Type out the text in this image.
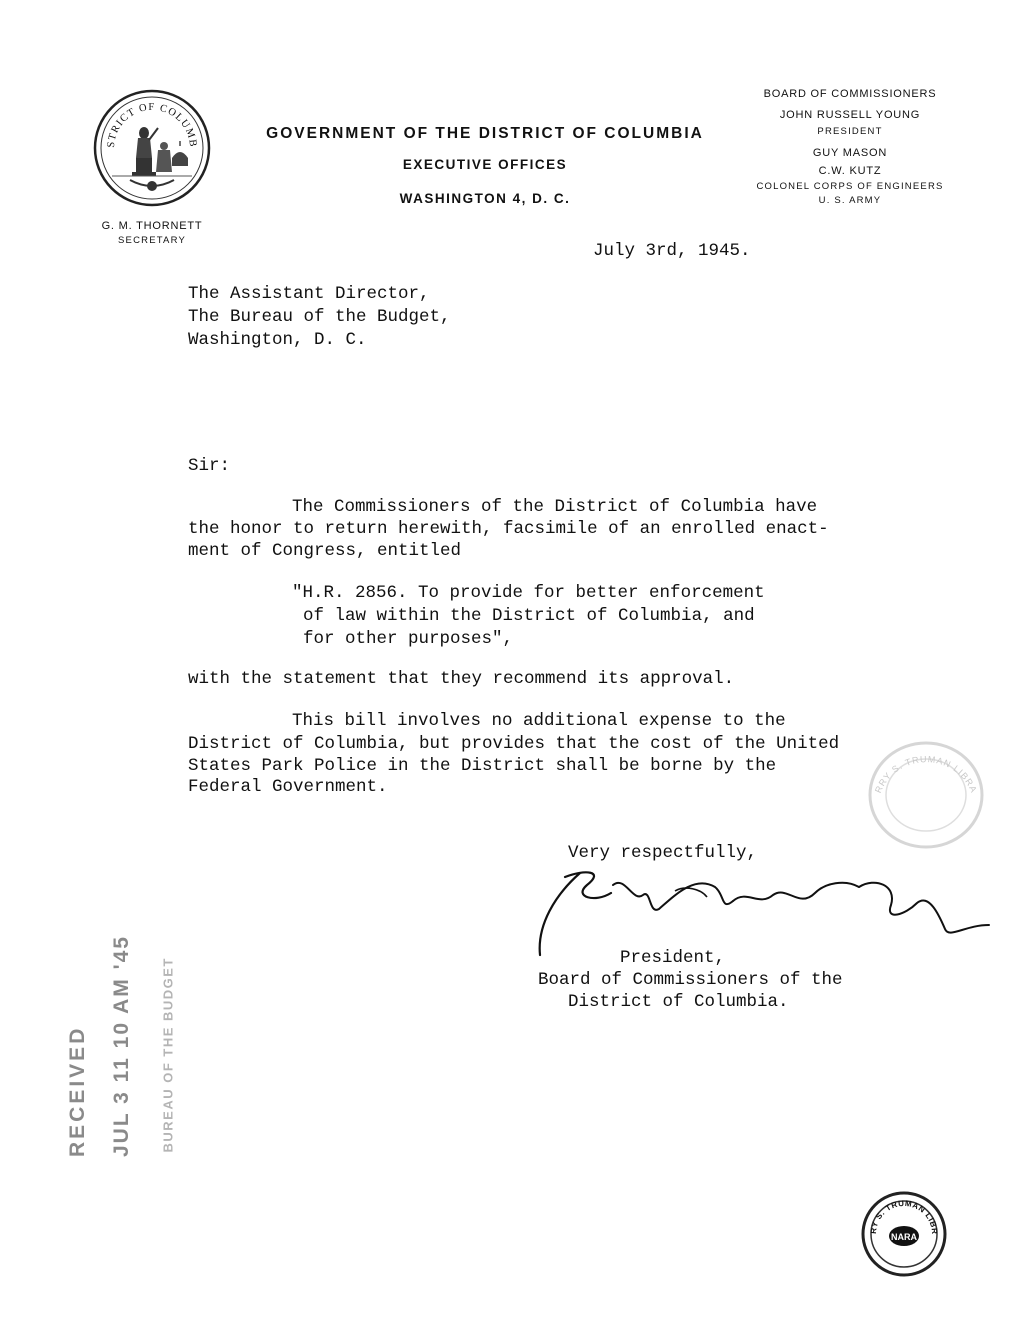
STRICT OF COLUMB
GOVERNMENT OF THE DISTRICT OF COLUMBIA
EXECUTIVE OFFICES
WASHINGTON 4, D. C.
G. M. THORNETT
SECRETARY
BOARD OF COMMISSIONERS
JOHN RUSSELL YOUNG
PRESIDENT
GUY MASON
C.W. KUTZ
COLONEL CORPS OF ENGINEERS
U. S. ARMY
July 3rd, 1945.
The Assistant Director,
The Bureau of the Budget,
Washington, D. C.
Sir:
The Commissioners of the District of Columbia have
the honor to return herewith, facsimile of an enrolled enact-
ment of Congress, entitled
"H.R. 2856. To provide for better enforcement
of law within the District of Columbia, and
for other purposes",
with the statement that they recommend its approval.
This bill involves no additional expense to the
District of Columbia, but provides that the cost of the United
States Park Police in the District shall be borne by the
Federal Government.
Very respectfully,
President,
Board of Commissioners of the
District of Columbia.
RECEIVED JUL 3 11 10 AM '45 BUREAU OF THE BUDGET
RRY S. TRUMAN LIBRA
RY S. TRUMAN LIBR
NARA
